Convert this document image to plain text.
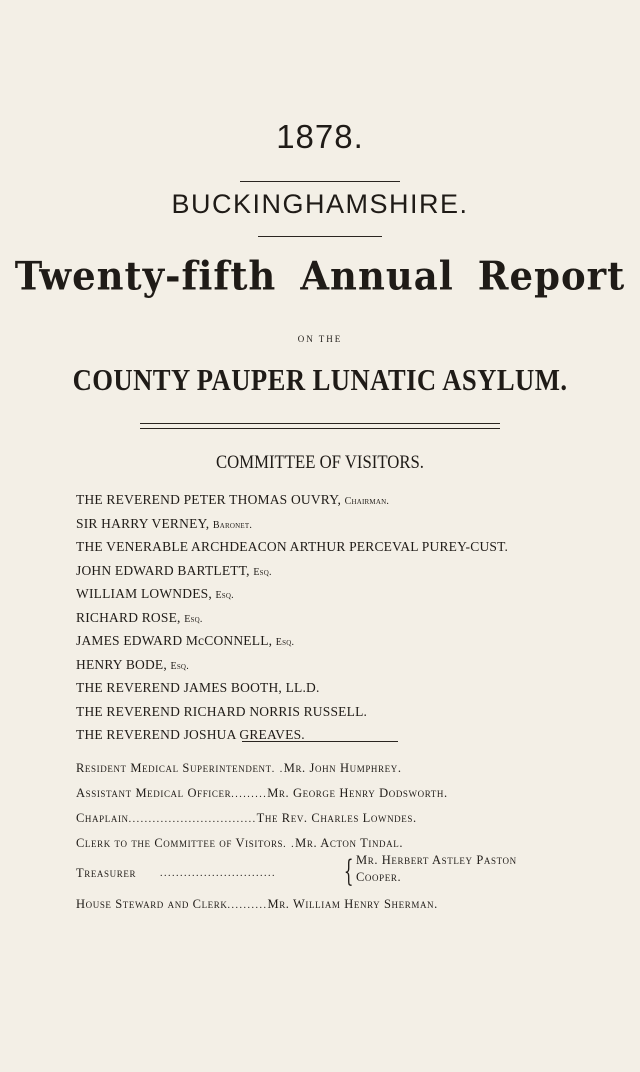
1878.
BUCKINGHAMSHIRE.
Twenty-fifth Annual Report
ON THE
COUNTY PAUPER LUNATIC ASYLUM.
COMMITTEE OF VISITORS.
THE REVEREND PETER THOMAS OUVRY, Chairman.
SIR HARRY VERNEY, Baronet.
THE VENERABLE ARCHDEACON ARTHUR PERCEVAL PUREY-CUST.
JOHN EDWARD BARTLETT, Esq.
WILLIAM LOWNDES, Esq.
RICHARD ROSE, Esq.
JAMES EDWARD McCONNELL, Esq.
HENRY BODE, Esq.
THE REVEREND JAMES BOOTH, LL.D.
THE REVEREND RICHARD NORRIS RUSSELL.
THE REVEREND JOSHUA GREAVES.
Resident Medical Superintendent. .Mr. John Humphrey.
Assistant Medical Officer.........Mr. George Henry Dodsworth.
Chaplain................................The Rev. Charles Lowndes.
Clerk to the Committee of Visitors. .Mr. Acton Tindal.
Treasurer ............................. { Mr. Herbert Astley Paston
Cooper.
House Steward and Clerk..........Mr. William Henry Sherman.
